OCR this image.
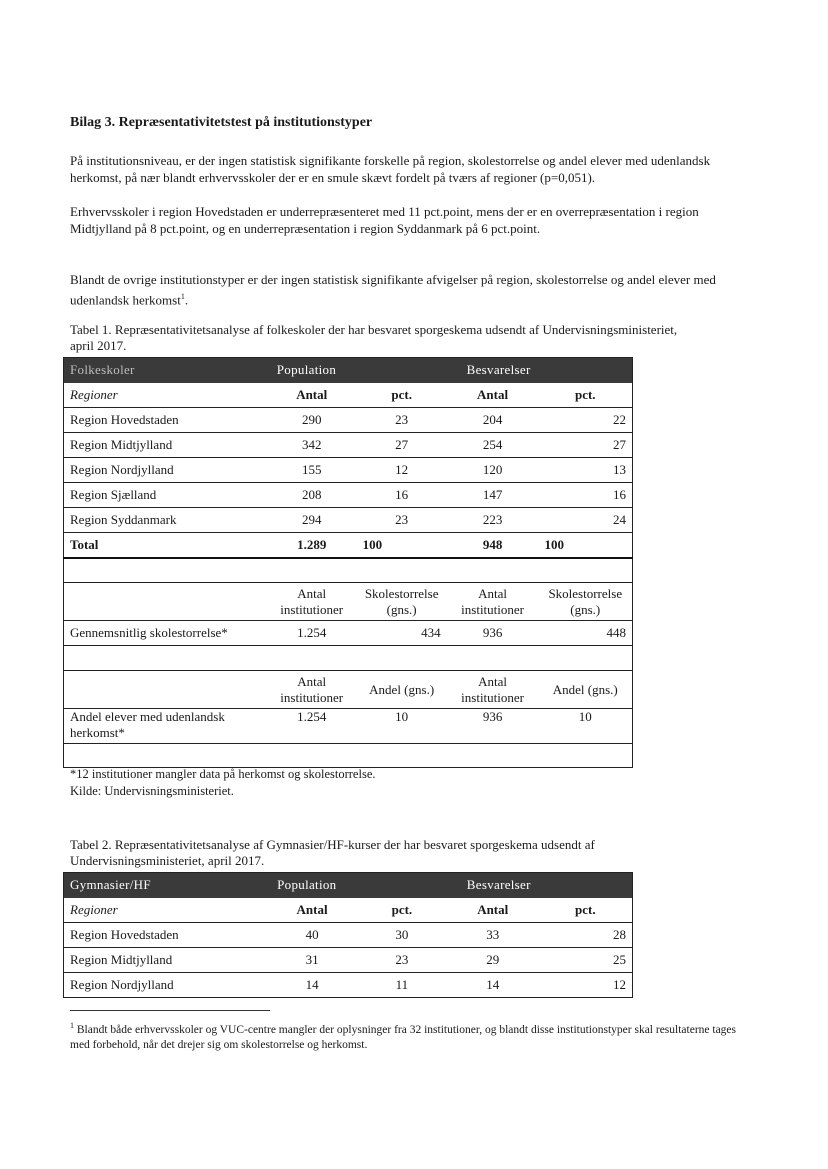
Bilag 3. Repræsentativitetstest på institutionstyper
På institutionsniveau, er der ingen statistisk signifikante forskelle på region, skolestorrelse og andel elever med udenlandsk herkomst, på nær blandt erhvervsskoler der er en smule skævt fordelt på tværs af regioner (p=0,051).
Erhvervsskoler i region Hovedstaden er underrepræsenteret med 11 pct.point, mens der er en overrepræsentation i region Midtjylland på 8 pct.point, og en underrepræsentation i region Syddanmark på 6 pct.point.
Blandt de ovrige institutionstyper er der ingen statistisk signifikante afvigelser på region, skolestorrelse og andel elever med udenlandsk herkomst$^1$.
Tabel 1. Repræsentativitetsanalyse af folkeskoler der har besvaret sporgeskema udsendt af Undervisningsministeriet, april 2017.
Folkeskoler	Population		Besvarelser	
Regioner	Antal	pct.	Antal	pct.
Region Hovedstaden	290	23	204	22
Region Midtjylland	342	27	254	27
Region Nordjylland	155	12	120	13
Region Sjælland	208	16	147	16
Region Syddanmark	294	23	223	24
Total	1.289	100	948	100

	Antal institutioner	Skolestorrelse (gns.)	Antal institutioner	Skolestorrelse (gns.)
Gennemsnitlig skolestorrelse*	1.254	434	936	448

	Antal institutioner	Andel (gns.)	Antal institutioner	Andel (gns.)
Andel elever med udenlandsk herkomst*	1.254	10	936	10

*12 institutioner mangler data på herkomst og skolestorrelse.
Kilde: Undervisningsministeriet.
Tabel 2. Repræsentativitetsanalyse af Gymnasier/HF-kurser der har besvaret sporgeskema udsendt af Undervisningsministeriet, april 2017.
Gymnasier/HF	Population		Besvarelser	
Regioner	Antal	pct.	Antal	pct.
Region Hovedstaden	40	30	33	28
Region Midtjylland	31	23	29	25
Region Nordjylland	14	11	14	12
$^1$ Blandt både erhvervsskoler og VUC-centre mangler der oplysninger fra 32 institutioner, og blandt disse institutionstyper skal resultaterne tages med forbehold, når det drejer sig om skolestorrelse og herkomst.
